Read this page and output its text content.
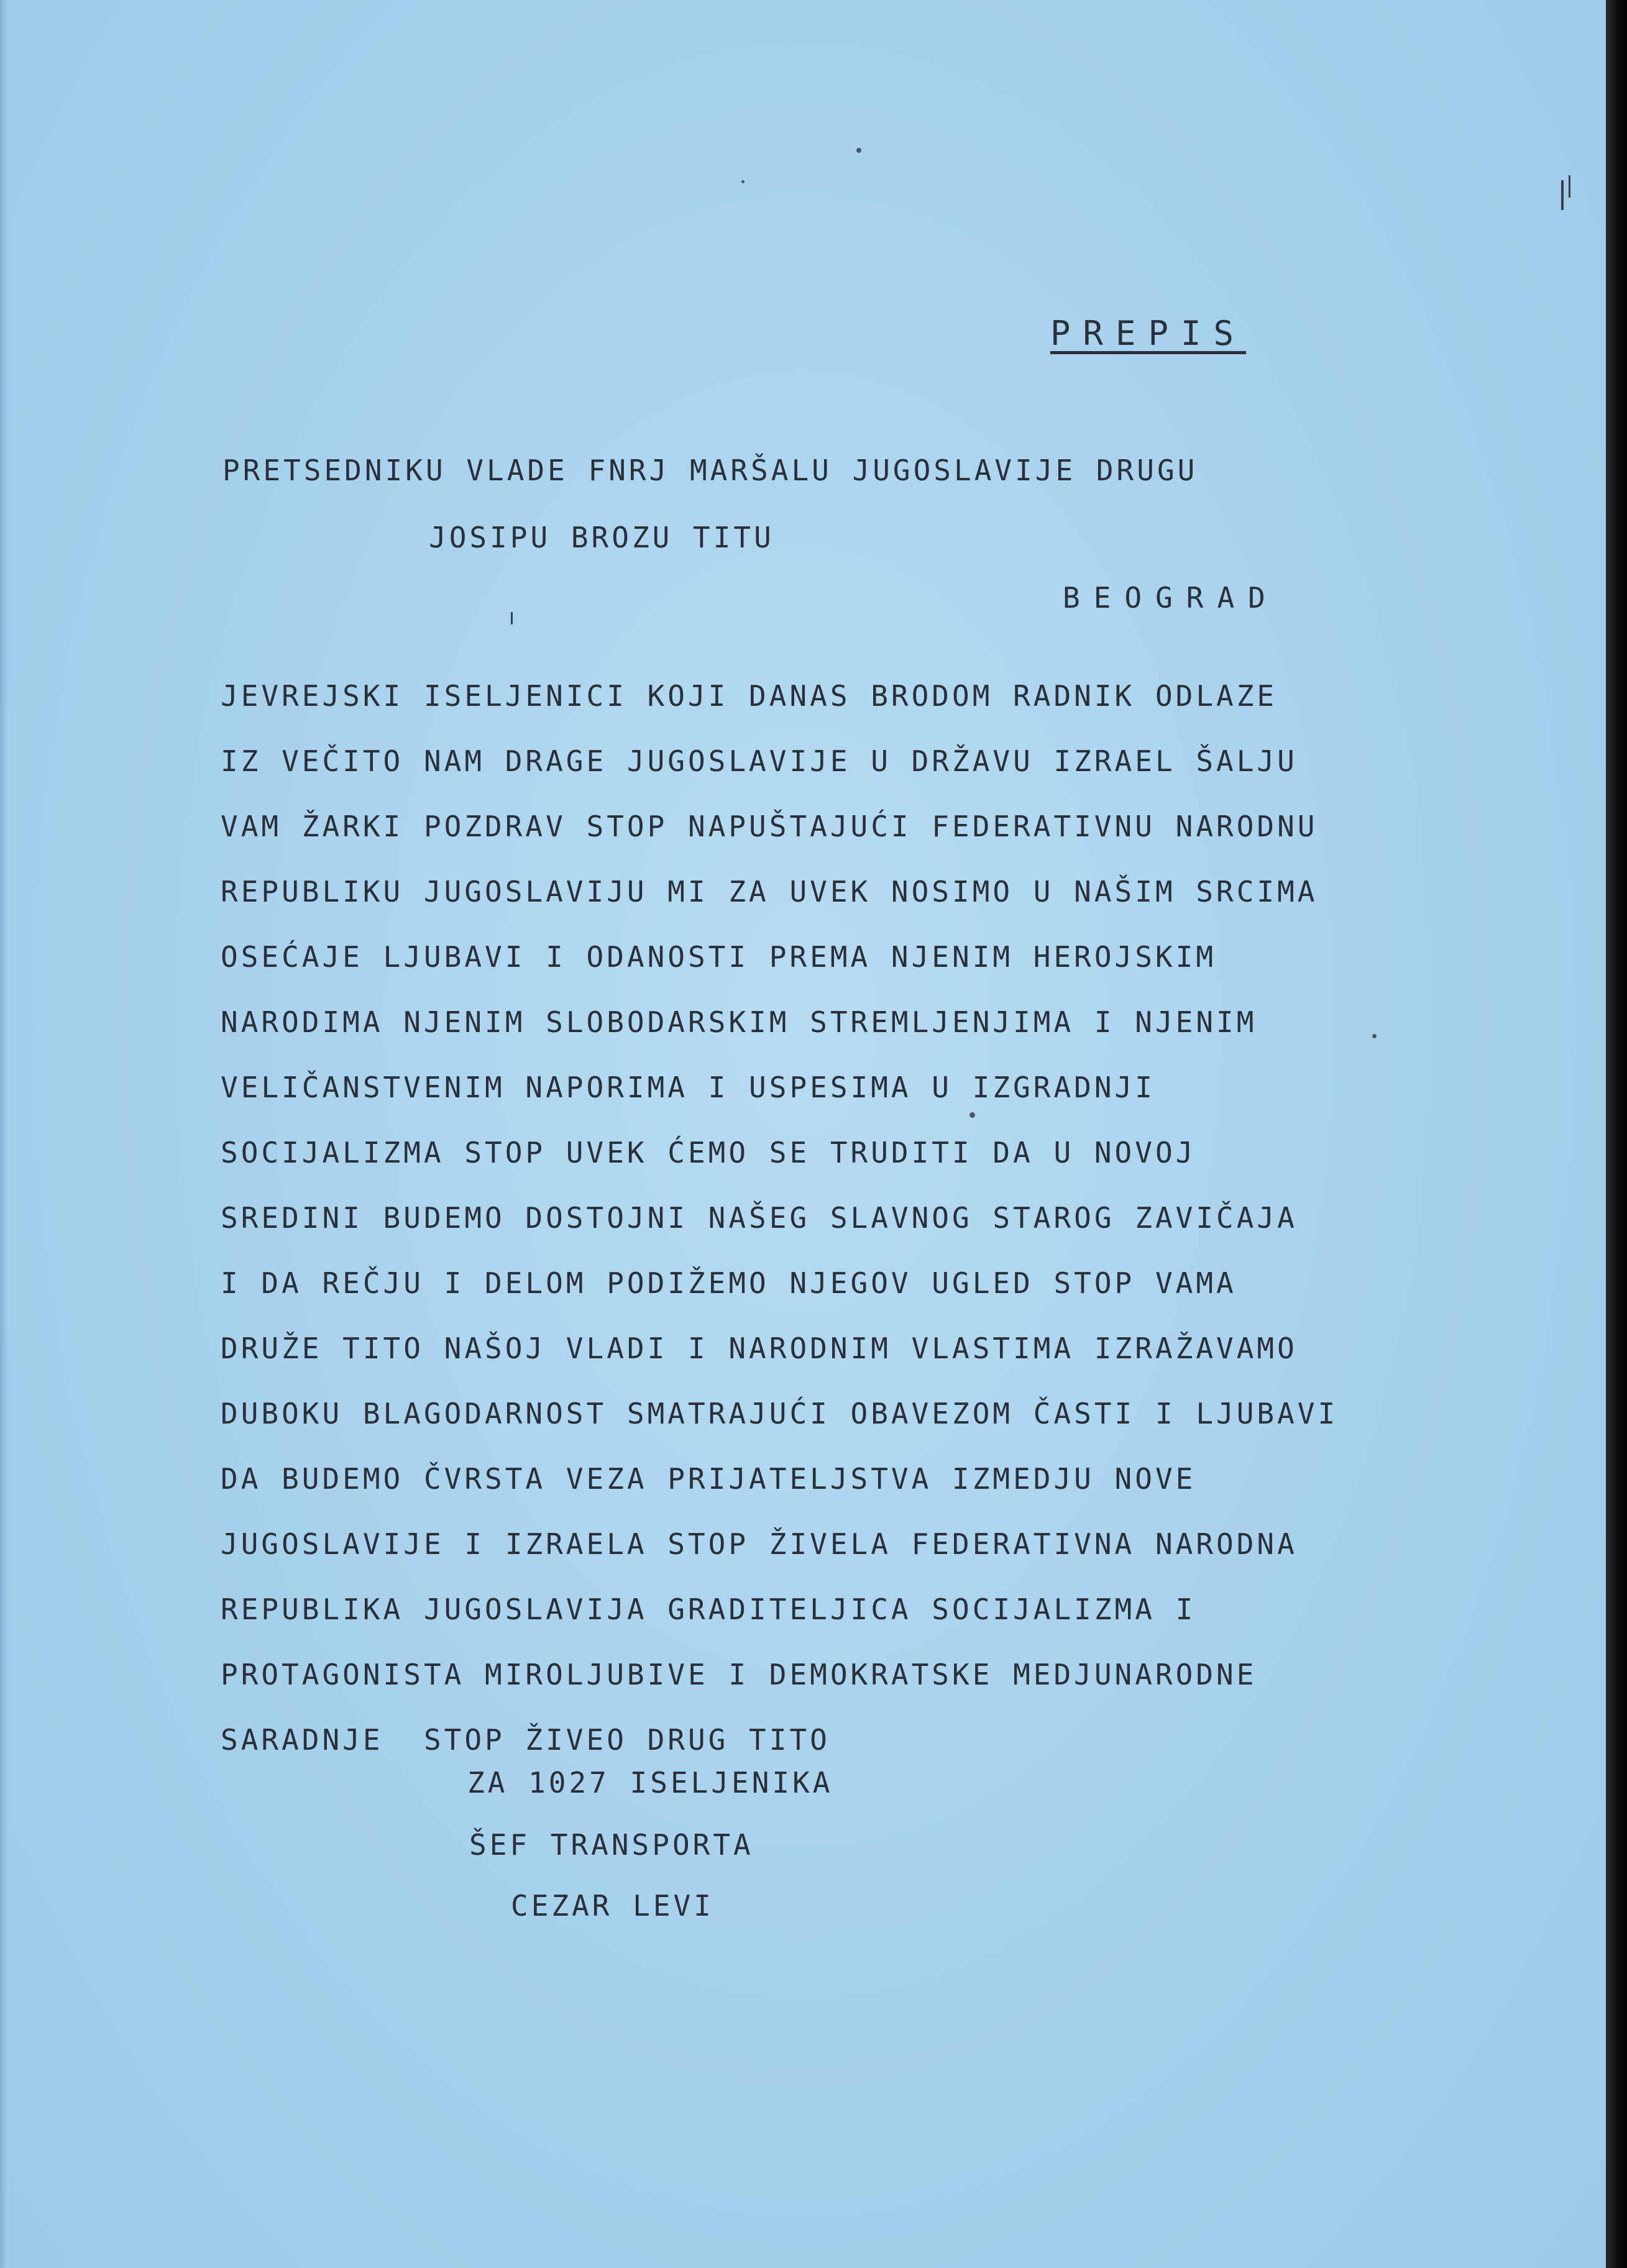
PREPIS
PRETSEDNIKU VLADE FNRJ MARŠALU JUGOSLAVIJE DRUGU
JOSIPU BROZU TITU
BEOGRAD
JEVREJSKI ISELJENICI KOJI DANAS BRODOM RADNIK ODLAZE
IZ VEČITO NAM DRAGE JUGOSLAVIJE U DRŽAVU IZRAEL ŠALJU
VAM ŽARKI POZDRAV STOP NAPUŠTAJUĆI FEDERATIVNU NARODNU
REPUBLIKU JUGOSLAVIJU MI ZA UVEK NOSIMO U NAŠIM SRCIMA
OSEĆAJE LJUBAVI I ODANOSTI PREMA NJENIM HEROJSKIM
NARODIMA NJENIM SLOBODARSKIM STREMLJENJIMA I NJENIM
VELIČANSTVENIM NAPORIMA I USPESIMA U IZGRADNJI
SOCIJALIZMA STOP UVEK ĆEMO SE TRUDITI DA U NOVOJ
SREDINI BUDEMO DOSTOJNI NAŠEG SLAVNOG STAROG ZAVIČAJA
I DA REČJU I DELOM PODIŽEMO NJEGOV UGLED STOP VAMA
DRUŽE TITO NAŠOJ VLADI I NARODNIM VLASTIMA IZRAŽAVAMO
DUBOKU BLAGODARNOST SMATRAJUĆI OBAVEZOM ČASTI I LJUBAVI
DA BUDEMO ČVRSTA VEZA PRIJATELJSTVA IZMEDJU NOVE
JUGOSLAVIJE I IZRAELA STOP ŽIVELA FEDERATIVNA NARODNA
REPUBLIKA JUGOSLAVIJA GRADITELJICA SOCIJALIZMA I
PROTAGONISTA MIROLJUBIVE I DEMOKRATSKE MEDJUNARODNE
SARADNJE  STOP ŽIVEO DRUG TITO
ZA 1027 ISELJENIKA
ŠEF TRANSPORTA
CEZAR LEVI
